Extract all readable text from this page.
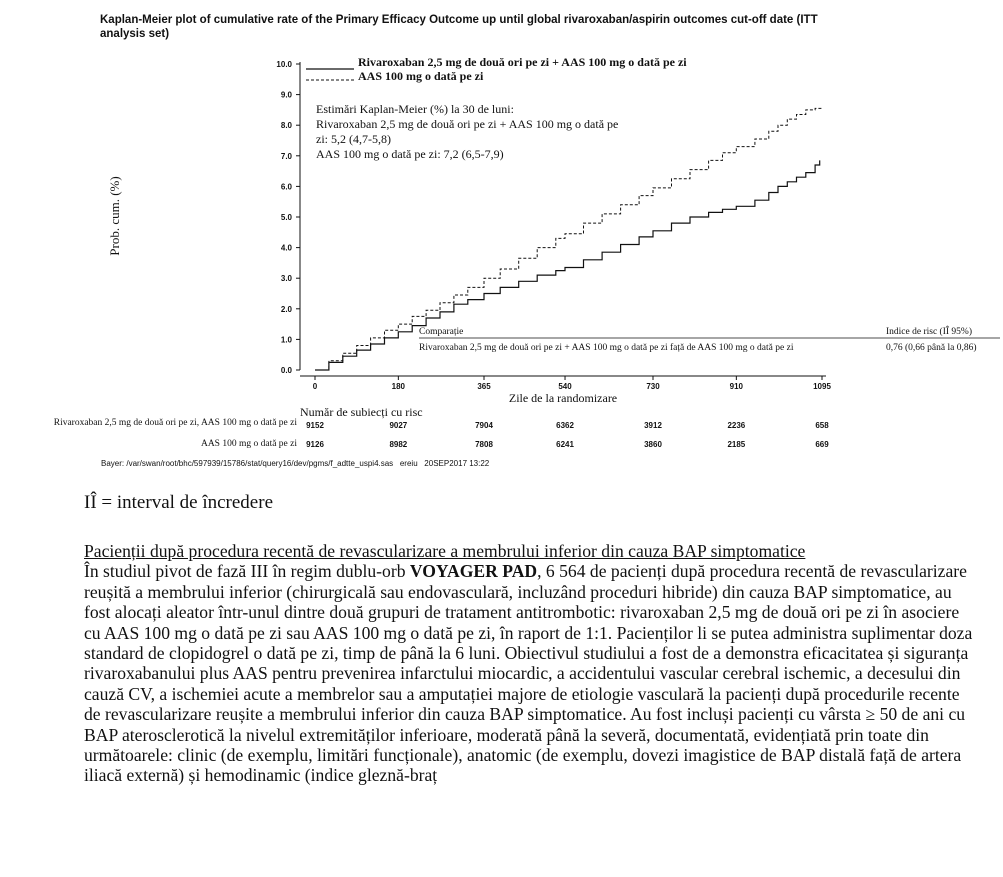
Kaplan-Meier plot of cumulative rate of the Primary Efficacy Outcome up until global rivaroxaban/aspirin outcomes cut-off date (ITT analysis set)
0.0
1.0
2.0
3.0
4.0
5.0
6.0
7.0
8.0
9.0
10.0
0	180	365	540	730	910	1095
Prob. cum. (%)
Rivaroxaban 2,5 mg de două ori pe zi + AAS 100 mg o dată pe zi
AAS 100 mg o dată pe zi
Estimări Kaplan-Meier (%) la 30 de luni:
Rivaroxaban 2,5 mg de două ori pe zi + AAS 100 mg o dată pe
zi: 5,2 (4,7-5,8)
AAS 100 mg o dată pe zi: 7,2 (6,5-7,9)
Comparație	Indice de risc (IÎ 95%)
Rivaroxaban 2,5 mg de două ori pe zi + AAS 100 mg o dată pe zi față de AAS 100 mg o dată pe zi	0,76 (0,66 până la 0,86)
Zile de la randomizare
Număr de subiecți cu risc
Rivaroxaban 2,5 mg de două ori pe zi, AAS 100 mg o dată pe zi
AAS 100 mg o dată pe zi
9152	9027	7904	6362	3912	2236	658
9126	8982	7808	6241	3860	2185	669
Bayer: /var/swan/root/bhc/597939/15786/stat/query16/dev/pgms/f_adtte_uspi4.sas   ereiu   20SEP2017 13:22
IÎ = interval de încredere
Pacienții după procedura recentă de revascularizare a membrului inferior din cauza BAP simptomatice
În studiul pivot de fază III în regim dublu-orb VOYAGER PAD, 6 564 de pacienți după procedura recentă de revascularizare reușită a membrului inferior (chirurgicală sau endovasculară, incluzând proceduri hibride) din cauza BAP simptomatice, au fost alocați aleator într-unul dintre două grupuri de tratament antitrombotic: rivaroxaban 2,5 mg de două ori pe zi în asociere cu AAS 100 mg o dată pe zi sau AAS 100 mg o dată pe zi, în raport de 1:1. Pacienților li se putea administra suplimentar doza standard de clopidogrel o dată pe zi, timp de până la 6 luni. Obiectivul studiului a fost de a demonstra eficacitatea și siguranța rivaroxabanului plus AAS pentru prevenirea infarctului miocardic, a accidentului vascular cerebral ischemic, a decesului din cauză CV, a ischemiei acute a membrelor sau a amputației majore de etiologie vasculară la pacienți după procedurile recente de revascularizare reușite a membrului inferior din cauza BAP simptomatice. Au fost incluși pacienți cu vârsta ≥ 50 de ani cu BAP aterosclerotică la nivelul extremităților inferioare, moderată până la severă, documentată, evidențiată prin toate din următoarele: clinic (de exemplu, limitări funcționale), anatomic (de exemplu, dovezi imagistice de BAP distală față de artera iliacă externă) și hemodinamic (indice gleznă-braț
